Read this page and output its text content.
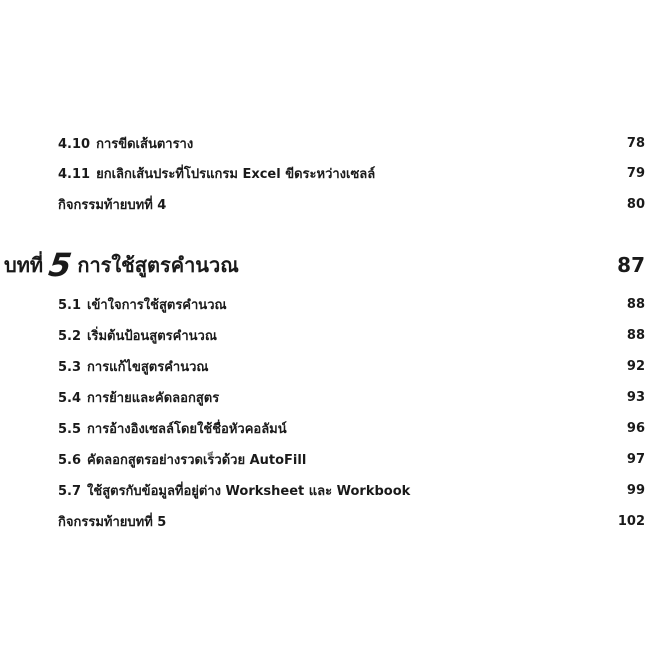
4.10 การขีดเส้นตาราง	78
4.11 ยกเลิกเส้นประที่โปรแกรม Excel ขีดระหว่างเซลล์	79
กิจกรรมท้ายบทที่ 4	80
บทที่ 5 การใช้สูตรคำนวณ	87
5.1 เข้าใจการใช้สูตรคำนวณ	88
5.2 เริ่มต้นป้อนสูตรคำนวณ	88
5.3 การแก้ไขสูตรคำนวณ	92
5.4 การย้ายและคัดลอกสูตร	93
5.5 การอ้างอิงเซลล์โดยใช้ชื่อหัวคอลัมน์	96
5.6 คัดลอกสูตรอย่างรวดเร็วด้วย AutoFill	97
5.7 ใช้สูตรกับข้อมูลที่อยู่ต่าง Worksheet และ Workbook	99
กิจกรรมท้ายบทที่ 5	102
